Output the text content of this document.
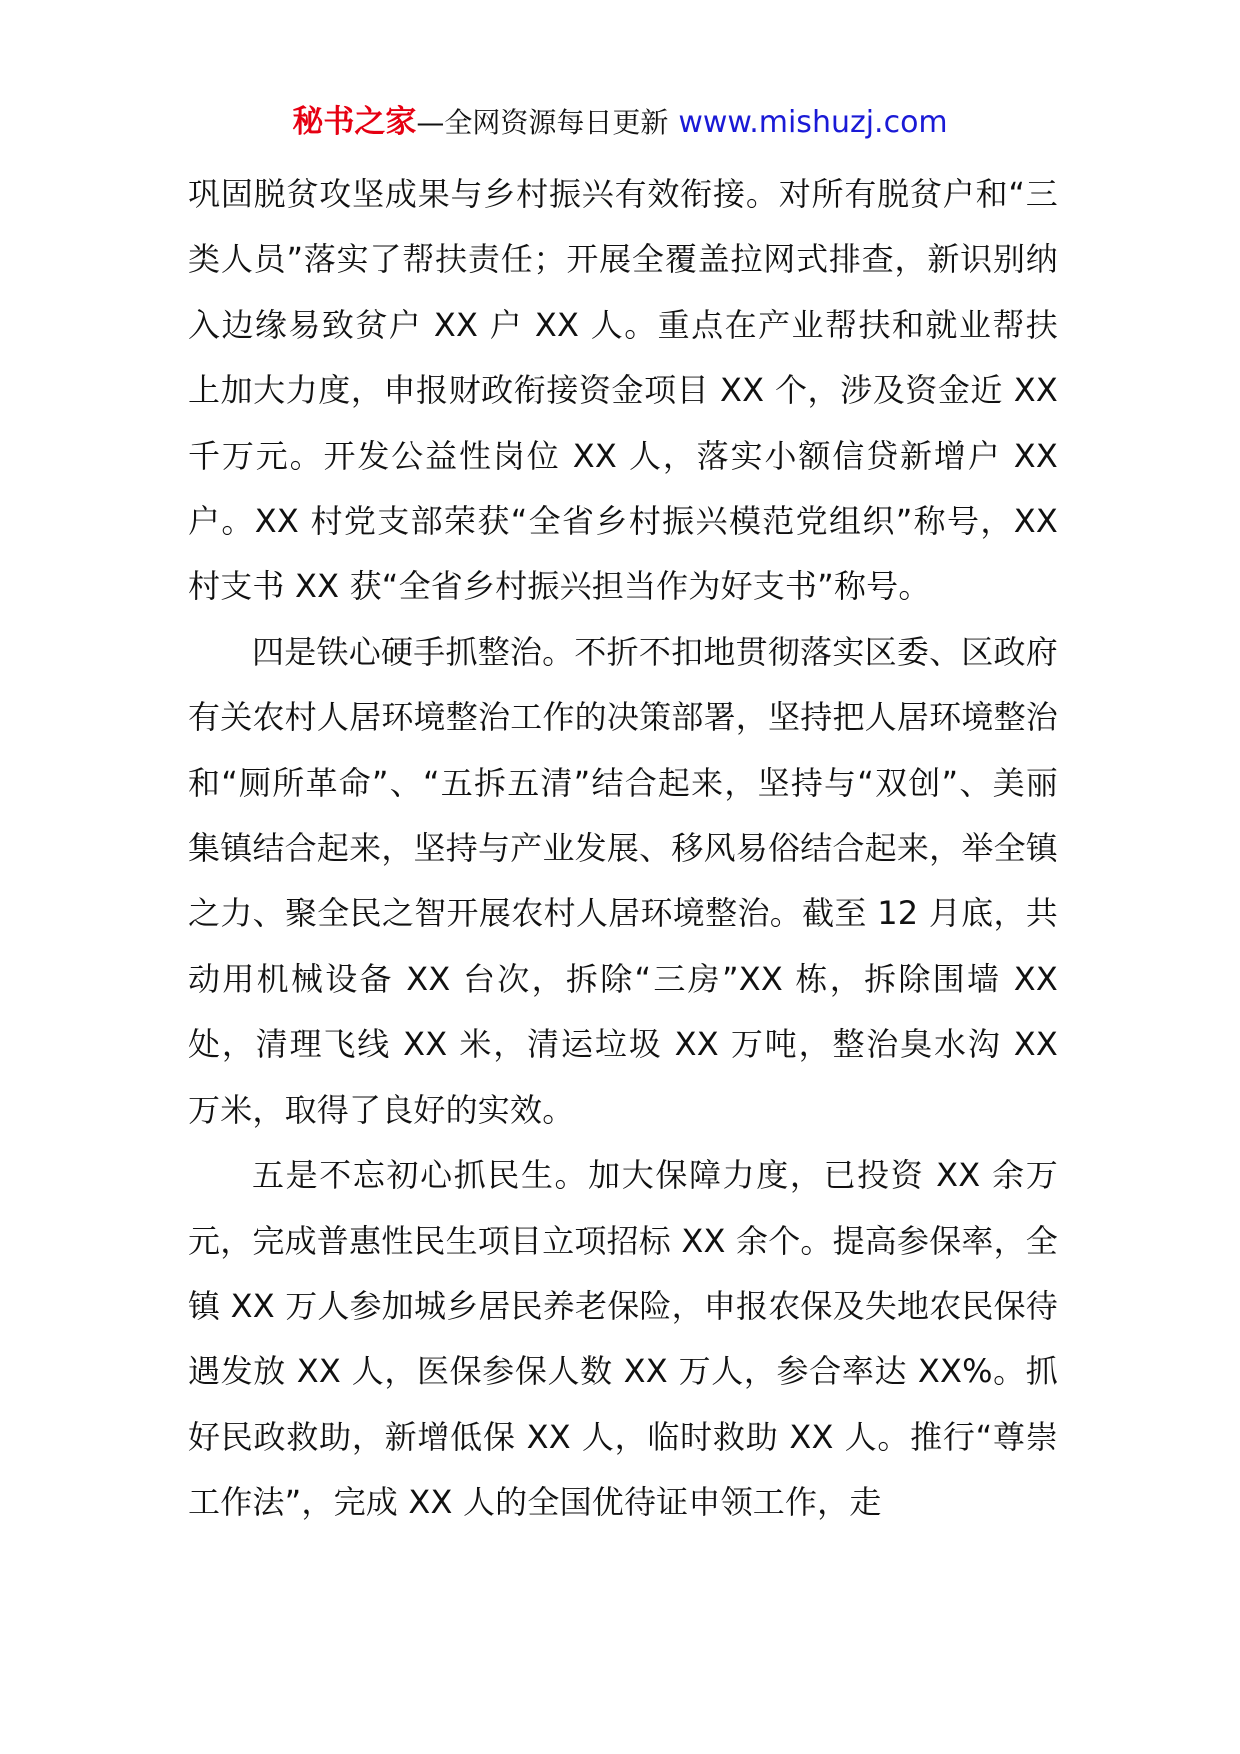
秘书之家—全网资源每日更新 www.mishuzj.com

巩固脱贫攻坚成果与乡村振兴有效衔接。对所有脱贫户和“三类人员”落实了帮扶责任；开展全覆盖拉网式排查，新识别纳入边缘易致贫户 XX 户 XX 人。重点在产业帮扶和就业帮扶上加大力度，申报财政衔接资金项目 XX 个，涉及资金近 XX 千万元。开发公益性岗位 XX 人，落实小额信贷新增户 XX 户。XX 村党支部荣获“全省乡村振兴模范党组织”称号，XX 村支书 XX 获“全省乡村振兴担当作为好支书”称号。

四是铁心硬手抓整治。不折不扣地贯彻落实区委、区政府有关农村人居环境整治工作的决策部署，坚持把人居环境整治和“厕所革命”、“五拆五清”结合起来，坚持与“双创”、美丽集镇结合起来，坚持与产业发展、移风易俗结合起来，举全镇之力、聚全民之智开展农村人居环境整治。截至 12 月底，共动用机械设备 XX 台次，拆除“三房”XX 栋，拆除围墙 XX 处，清理飞线 XX 米，清运垃圾 XX 万吨，整治臭水沟 XX 万米，取得了良好的实效。

五是不忘初心抓民生。加大保障力度，已投资 XX 余万元，完成普惠性民生项目立项招标 XX 余个。提高参保率，全镇 XX 万人参加城乡居民养老保险，申报农保及失地农民保待遇发放 XX 人，医保参保人数 XX 万人，参合率达 XX%。抓好民政救助，新增低保 XX 人，临时救助 XX 人。推行“尊崇工作法”，完成 XX 人的全国优待证申领工作，走
